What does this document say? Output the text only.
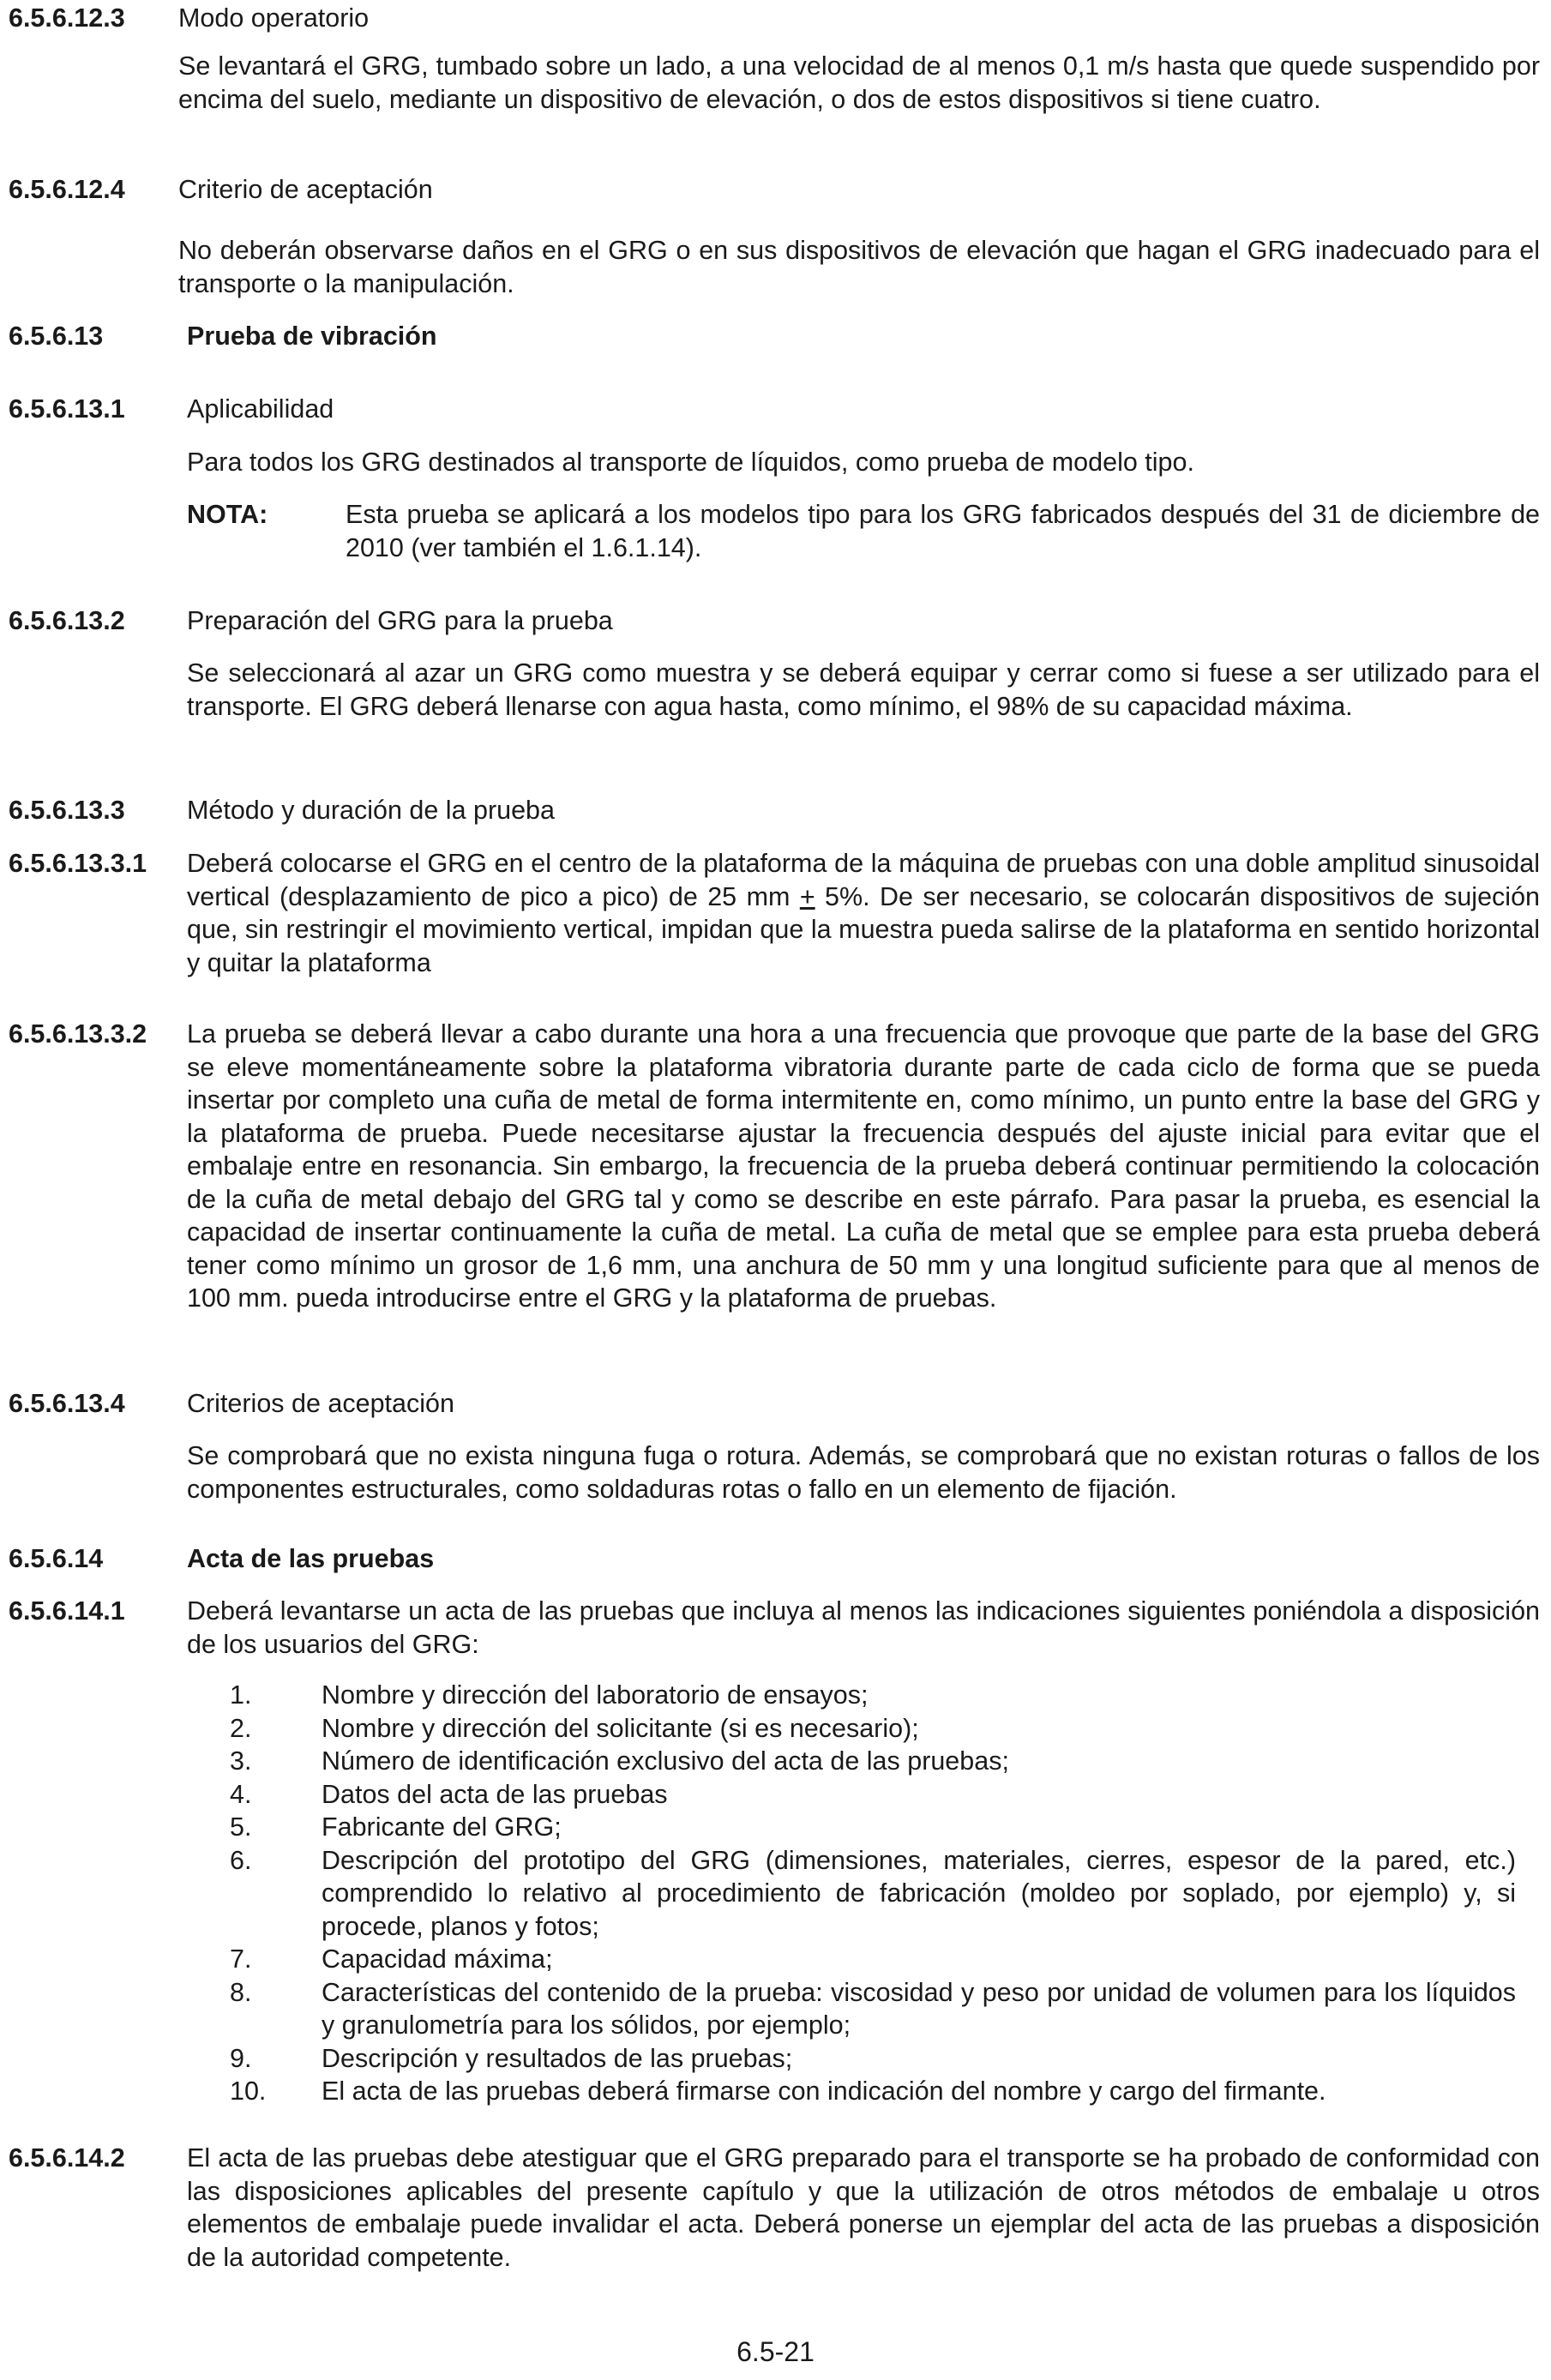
6.5.6.12.3 Modo operatorio
Se levantará el GRG, tumbado sobre un lado, a una velocidad de al menos 0,1 m/s hasta que quede suspendido por encima del suelo, mediante un dispositivo de elevación, o dos de estos dispositivos si tiene cuatro.
6.5.6.12.4 Criterio de aceptación
No deberán observarse daños en el GRG o en sus dispositivos de elevación que hagan el GRG inadecuado para el transporte o la manipulación.
6.5.6.13	Prueba de vibración
6.5.6.13.1 Aplicabilidad
Para todos los GRG destinados al transporte de líquidos, como prueba de modelo tipo.
NOTA:	Esta prueba se aplicará a los modelos tipo para los GRG fabricados después del 31 de diciembre de 2010 (ver también el 1.6.1.14).
6.5.6.13.2 Preparación del GRG para la prueba
Se seleccionará al azar un GRG como muestra y se deberá equipar y cerrar como si fuese a ser utilizado para el transporte. El GRG deberá llenarse con agua hasta, como mínimo, el 98% de su capacidad máxima.
6.5.6.13.3 Método y duración de la prueba
6.5.6.13.3.1 Deberá colocarse el GRG en el centro de la plataforma de la máquina de pruebas con una doble amplitud sinusoidal vertical (desplazamiento de pico a pico) de 25 mm + 5%. De ser necesario, se colocarán dispositivos de sujeción que, sin restringir el movimiento vertical, impidan que la muestra pueda salirse de la plataforma en sentido horizontal y quitar la plataforma
6.5.6.13.3.2 La prueba se deberá llevar a cabo durante una hora a una frecuencia que provoque que parte de la base del GRG se eleve momentáneamente sobre la plataforma vibratoria durante parte de cada ciclo de forma que se pueda insertar por completo una cuña de metal de forma intermitente en, como mínimo, un punto entre la base del GRG y la plataforma de prueba. Puede necesitarse ajustar la frecuencia después del ajuste inicial para evitar que el embalaje entre en resonancia. Sin embargo, la frecuencia de la prueba deberá continuar permitiendo la colocación de la cuña de metal debajo del GRG tal y como se describe en este párrafo. Para pasar la prueba, es esencial la capacidad de insertar continuamente la cuña de metal. La cuña de metal que se emplee para esta prueba deberá tener como mínimo un grosor de 1,6 mm, una anchura de 50 mm y una longitud suficiente para que al menos de 100 mm. pueda introducirse entre el GRG y la plataforma de pruebas.
6.5.6.13.4 Criterios de aceptación
Se comprobará que no exista ninguna fuga o rotura. Además, se comprobará que no existan roturas o fallos de los componentes estructurales, como soldaduras rotas o fallo en un elemento de fijación.
6.5.6.14	Acta de las pruebas
6.5.6.14.1 Deberá levantarse un acta de las pruebas que incluya al menos las indicaciones siguientes poniéndola a disposición de los usuarios del GRG:
1.	Nombre y dirección del laboratorio de ensayos;
2.	Nombre y dirección del solicitante (si es necesario);
3.	Número de identificación exclusivo del acta de las pruebas;
4.	Datos del acta de las pruebas
5.	Fabricante del GRG;
6.	Descripción del prototipo del GRG (dimensiones, materiales, cierres, espesor de la pared, etc.) comprendido lo relativo al procedimiento de fabricación (moldeo por soplado, por ejemplo) y, si procede, planos y fotos;
7.	Capacidad máxima;
8.	Características del contenido de la prueba: viscosidad y peso por unidad de volumen para los líquidos y granulometría para los sólidos, por ejemplo;
9.	Descripción y resultados de las pruebas;
10. El acta de las pruebas deberá firmarse con indicación del nombre y cargo del firmante.
6.5.6.14.2 El acta de las pruebas debe atestiguar que el GRG preparado para el transporte se ha probado de conformidad con las disposiciones aplicables del presente capítulo y que la utilización de otros métodos de embalaje u otros elementos de embalaje puede invalidar el acta. Deberá ponerse un ejemplar del acta de las pruebas a disposición de la autoridad competente.
6.5-21
